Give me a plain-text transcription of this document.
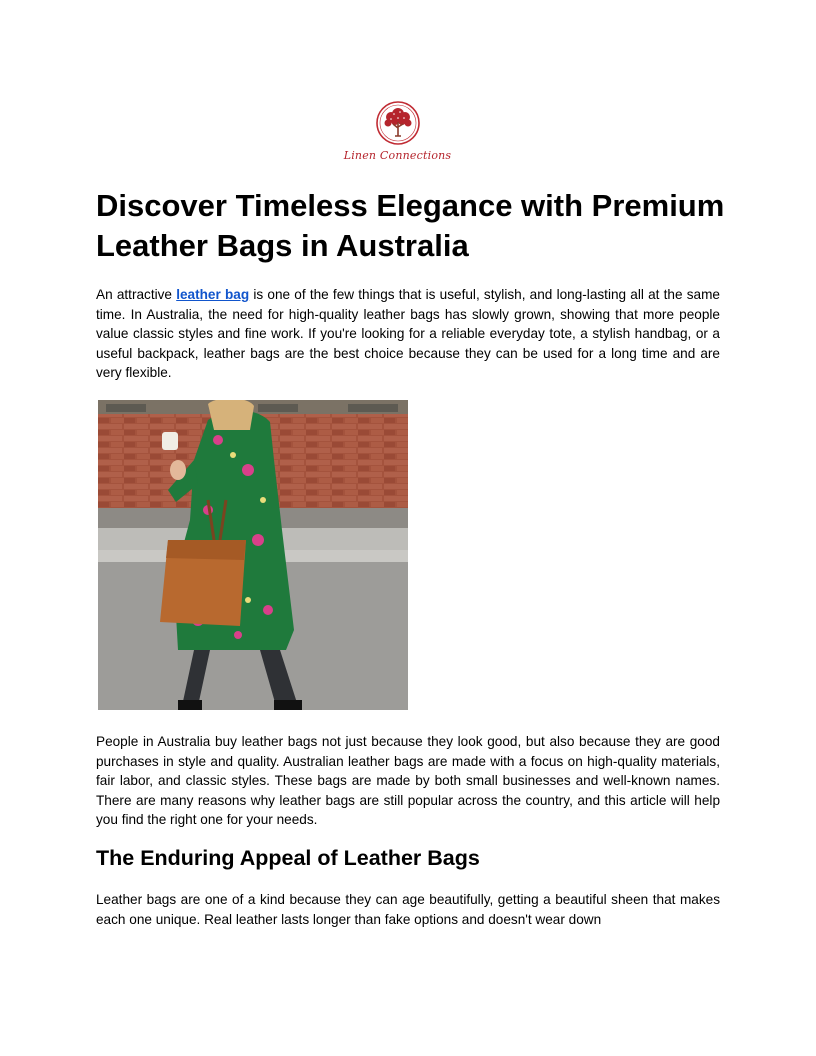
Linen Connections
Discover Timeless Elegance with Premium Leather Bags in Australia

An attractive leather bag is one of the few things that is useful, stylish, and long-lasting all at the same time. In Australia, the need for high-quality leather bags has slowly grown, showing that more people value classic styles and fine work. If you're looking for a reliable everyday tote, a stylish handbag, or a useful backpack, leather bags are the best choice because they can be used for a long time and are very flexible.

People in Australia buy leather bags not just because they look good, but also because they are good purchases in style and quality. Australian leather bags are made with a focus on high-quality materials, fair labor, and classic styles. These bags are made by both small businesses and well-known names. There are many reasons why leather bags are still popular across the country, and this article will help you find the right one for your needs.

The Enduring Appeal of Leather Bags

Leather bags are one of a kind because they can age beautifully, getting a beautiful sheen that makes each one unique. Real leather lasts longer than fake options and doesn't wear down
